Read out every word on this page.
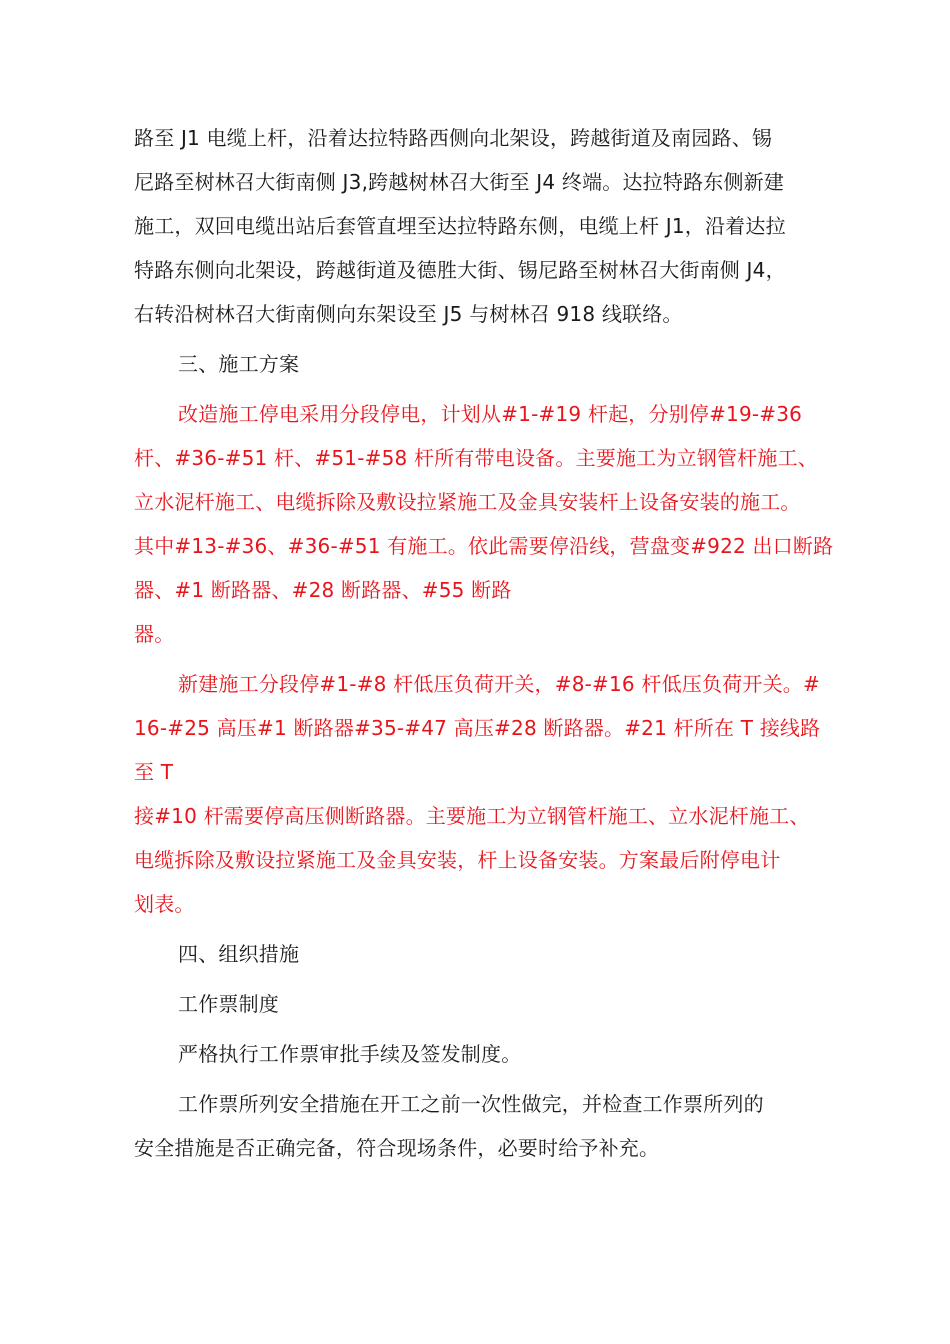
路至 J1 电缆上杆，沿着达拉特路西侧向北架设，跨越街道及南园路、锡

尼路至树林召大街南侧 J3,跨越树林召大街至 J4 终端。达拉特路东侧新建

施工，双回电缆出站后套管直埋至达拉特路东侧，电缆上杆 J1，沿着达拉

特路东侧向北架设，跨越街道及德胜大街、锡尼路至树林召大街南侧 J4，

右转沿树林召大街南侧向东架设至 J5 与树林召 918 线联络。

三、施工方案

改造施工停电采用分段停电，计划从#1-#19 杆起，分别停#19-#36

杆、#36-#51 杆、#51-#58 杆所有带电设备。主要施工为立钢管杆施工、

立水泥杆施工、电缆拆除及敷设拉紧施工及金具安装杆上设备安装的施工。

其中#13-#36、#36-#51 有施工。依此需要停沿线，营盘变#922 出口断路

器、#1 断路器、#28 断路器、#55 断路

器。

新建施工分段停#1-#8 杆低压负荷开关，#8-#16 杆低压负荷开关。#

16-#25 高压#1 断路器#35-#47 高压#28 断路器。#21 杆所在 T 接线路至 T

接#10 杆需要停高压侧断路器。主要施工为立钢管杆施工、立水泥杆施工、

电缆拆除及敷设拉紧施工及金具安装，杆上设备安装。方案最后附停电计

划表。

四、组织措施

工作票制度

严格执行工作票审批手续及签发制度。

工作票所列安全措施在开工之前一次性做完，并检查工作票所列的

安全措施是否正确完备，符合现场条件，必要时给予补充。
